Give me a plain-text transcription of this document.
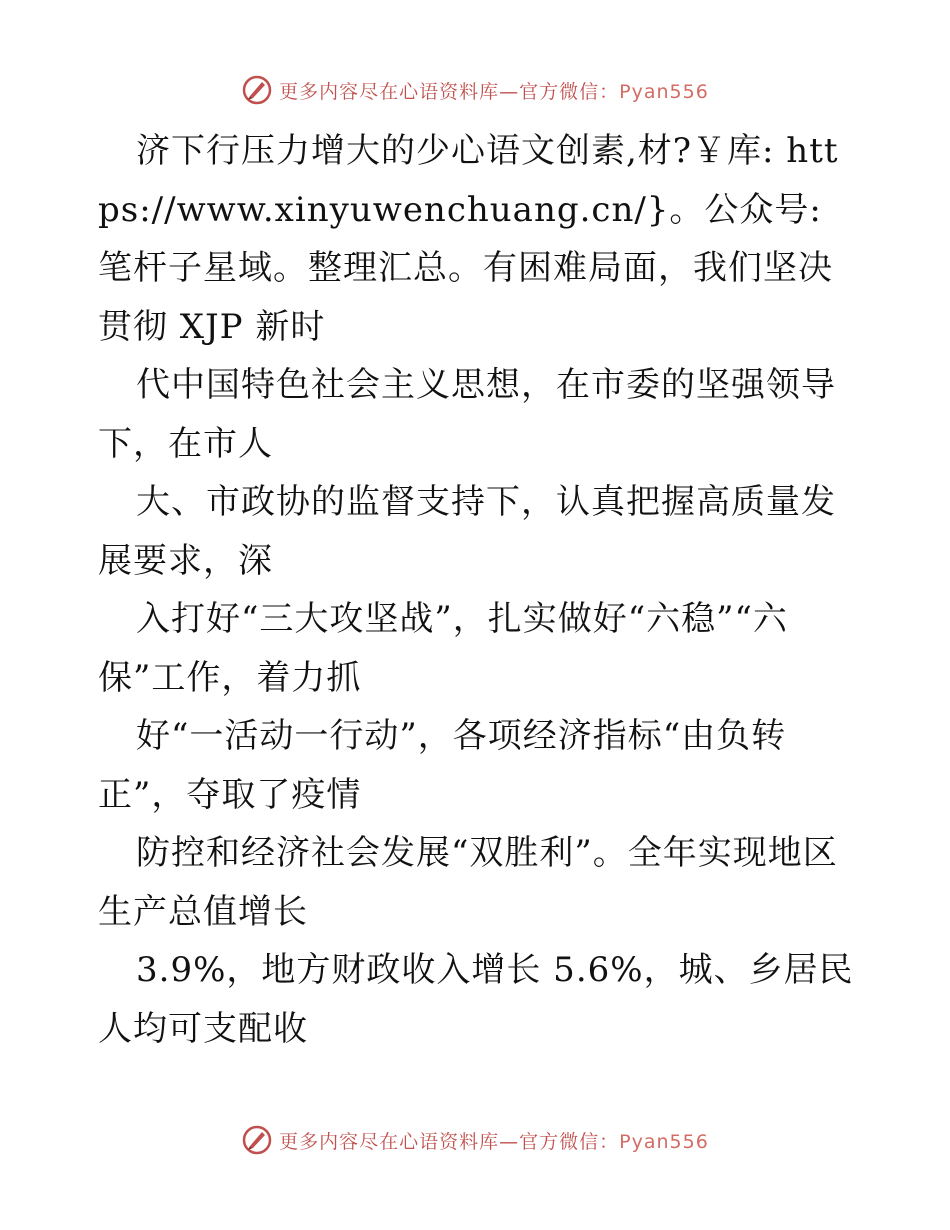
更多内容尽在心语资料库—官方微信：Pyan556

济下行压力增大的少心语文创素,材?￥库: https://www.xinyuwenchuang.cn/}。公众号: 笔杆子星域。整理汇总。有困难局面，我们坚决贯彻 XJP 新时

代中国特色社会主义思想，在市委的坚强领导下，在市人

大、市政协的监督支持下，认真把握高质量发展要求，深

入打好“三大攻坚战”，扎实做好“六稳”“六保”工作，着力抓

好“一活动一行动”，各项经济指标“由负转正”，夺取了疫情

防控和经济社会发展“双胜利”。全年实现地区生产总值增长

3.9%，地方财政收入增长 5.6%，城、乡居民人均可支配收

更多内容尽在心语资料库—官方微信：Pyan556
